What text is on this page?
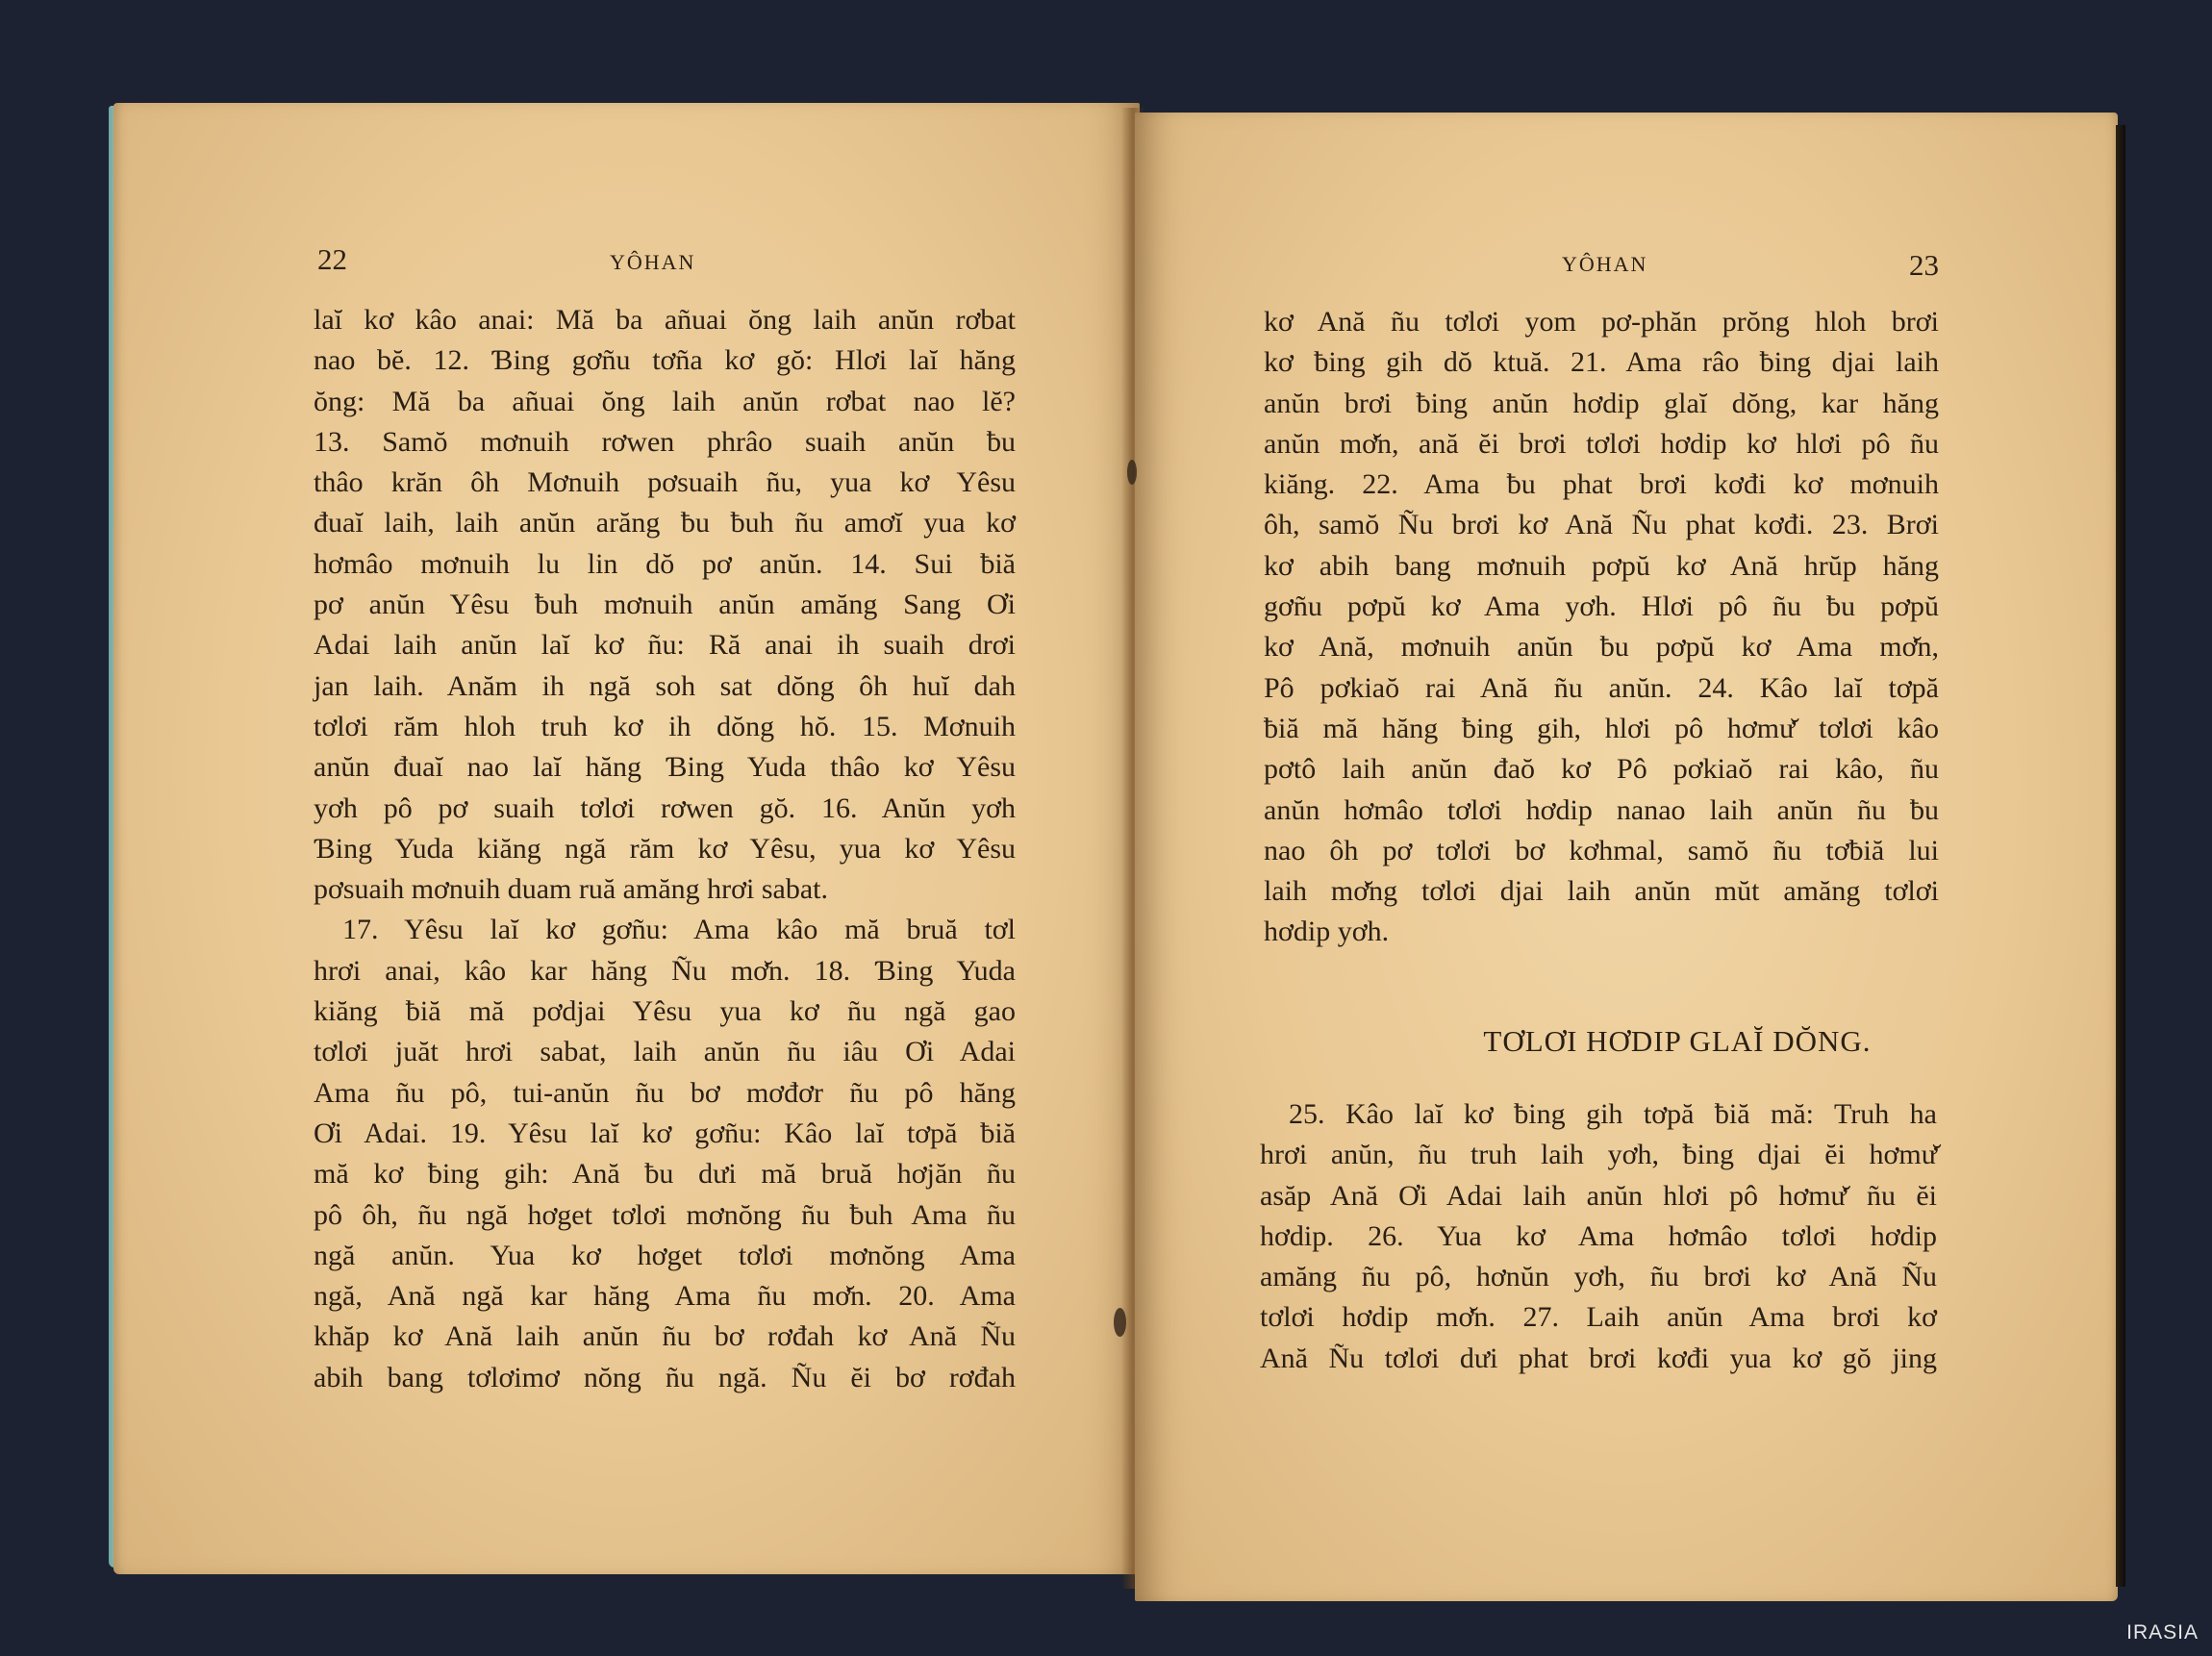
22	YÔHAN
laĭ kơ kâo anai: Mă ba añuai ŏng laih anŭn rơbat
nao bĕ. 12. Ɓing gơñu tơña kơ gŏ: Hlơi laĭ hăng
ŏng: Mă ba añuai ŏng laih anŭn rơbat nao lĕ?
13. Samŏ mơnuih rơwen phrâo suaih anŭn ƀu
thâo krăn ôh Mơnuih pơsuaih ñu, yua kơ Yêsu
đuaĭ laih, laih anŭn arăng ƀu ƀuh ñu amơĭ yua kơ
hơmâo mơnuih lu lin dŏ pơ anŭn. 14. Sui ƀiă
pơ anŭn Yêsu ƀuh mơnuih anŭn amăng Sang Ơi
Adai laih anŭn laĭ kơ ñu: Ră anai ih suaih drơi
jan laih. Anăm ih ngă soh sat dŏng ôh huĭ dah
tơlơi răm hloh truh kơ ih dŏng hŏ. 15. Mơnuih
anŭn đuaĭ nao laĭ hăng Ɓing Yuda thâo kơ Yêsu
yơh pô pơ suaih tơlơi rơwen gŏ. 16. Anŭn yơh
Ɓing Yuda kiăng ngă răm kơ Yêsu, yua kơ Yêsu
pơsuaih mơnuih duam ruă amăng hrơi sabat.
17. Yêsu laĭ kơ gơñu: Ama kâo mă bruă tơl
hrơi anai, kâo kar hăng Ñu mơ̆n. 18. Ɓing Yuda
kiăng ƀiă mă pơdjai Yêsu yua kơ ñu ngă gao
tơlơi juăt hrơi sabat, laih anŭn ñu iâu Ơi Adai
Ama ñu pô, tui-anŭn ñu bơ mơđơr ñu pô hăng
Ơi Adai. 19. Yêsu laĭ kơ gơñu: Kâo laĭ tơpă ƀiă
mă kơ ƀing gih: Ană ƀu dưi mă bruă hơjăn ñu
pô ôh, ñu ngă hơget tơlơi mơnŏng ñu ƀuh Ama ñu
ngă anŭn. Yua kơ hơget tơlơi mơnŏng Ama
ngă, Ană ngă kar hăng Ama ñu mơ̆n. 20. Ama
khăp kơ Ană laih anŭn ñu bơ rơđah kơ Ană Ñu
abih bang tơlơimơ nŏng ñu ngă. Ñu ĕi bơ rơđah
YÔHAN	23
kơ Ană ñu tơlơi yom pơ-phăn prŏng hloh brơi
kơ ƀing gih dŏ ktuă. 21. Ama râo ƀing djai laih
anŭn brơi ƀing anŭn hơdip glaĭ dŏng, kar hăng
anŭn mơ̆n, ană ĕi brơi tơlơi hơdip kơ hlơi pô ñu
kiăng. 22. Ama ƀu phat brơi kơđi kơ mơnuih
ôh, samŏ Ñu brơi kơ Ană Ñu phat kơđi. 23. Brơi
kơ abih bang mơnuih pơpŭ kơ Ană hrŭp hăng
gơñu pơpŭ kơ Ama yơh. Hlơi pô ñu ƀu pơpŭ
kơ Ană, mơnuih anŭn ƀu pơpŭ kơ Ama mơ̆n,
Pô pơkiaŏ rai Ană ñu anŭn. 24. Kâo laĭ tơpă
ƀiă mă hăng ƀing gih, hlơi pô hơmư̆ tơlơi kâo
pơtô laih anŭn đaŏ kơ Pô pơkiaŏ rai kâo, ñu
anŭn hơmâo tơlơi hơdip nanao laih anŭn ñu ƀu
nao ôh pơ tơlơi bơ kơhmal, samŏ ñu tơƀiă lui
laih mơ̆ng tơlơi djai laih anŭn mŭt amăng tơlơi
hơdip yơh.
TƠLƠI HƠDIP GLAĬ DŎNG.
25. Kâo laĭ kơ ƀing gih tơpă ƀiă mă: Truh ha
hrơi anŭn, ñu truh laih yơh, ƀing djai ĕi hơmư̆
asăp Ană Ơi Adai laih anŭn hlơi pô hơmư̆ ñu ĕi
hơdip. 26. Yua kơ Ama hơmâo tơlơi hơdip
amăng ñu pô, hơnŭn yơh, ñu brơi kơ Ană Ñu
tơlơi hơdip mơ̆n. 27. Laih anŭn Ama brơi kơ
Ană Ñu tơlơi dưi phat brơi kơđi yua kơ gŏ jing
IRASIA
